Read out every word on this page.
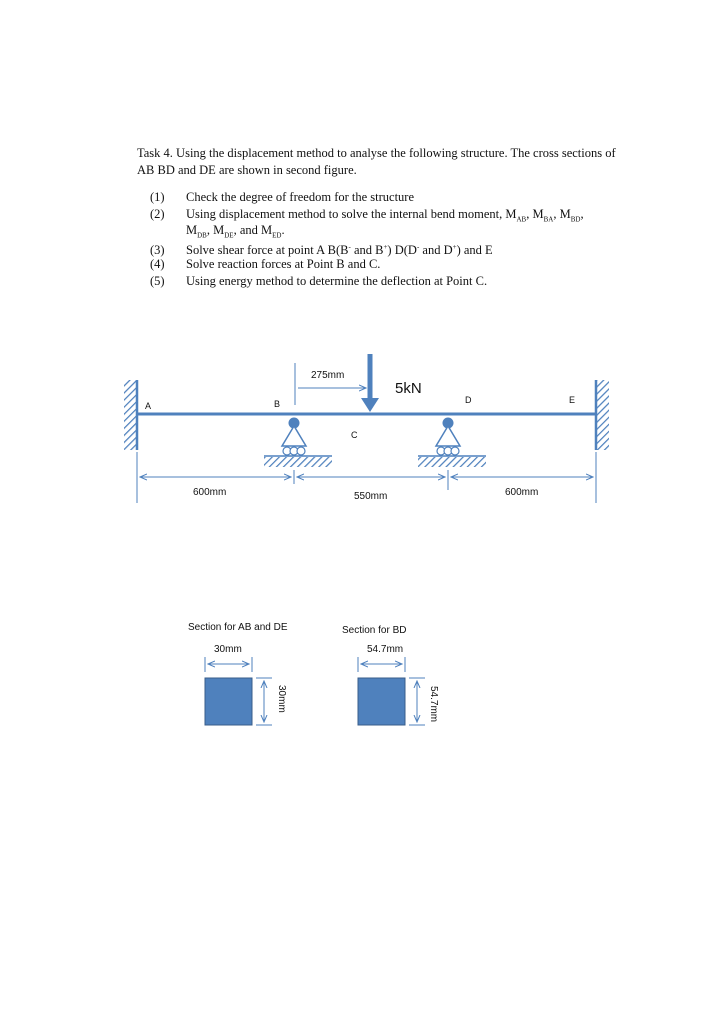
Task 4. Using the displacement method to analyse the following structure. The cross sections of AB BD and DE are shown in second figure.
(1) Check the degree of freedom for the structure
(2) Using displacement method to solve the internal bend moment, $M_{AB}$, $M_{BA}$, $M_{BD}$,
$M_{DB}$, $M_{DE}$, and $M_{ED}$.
(3) Solve shear force at point A B(B- and B+) D(D- and D+) and E
(4) Solve reaction forces at Point B and C.
(5) Using energy method to determine the deflection at Point C.
5kN
275mm
A	B
C
D	E
600mm	550mm	600mm
Section for AB and DE
30mm
30mm
Section for BD
54.7mm
54.7mm
